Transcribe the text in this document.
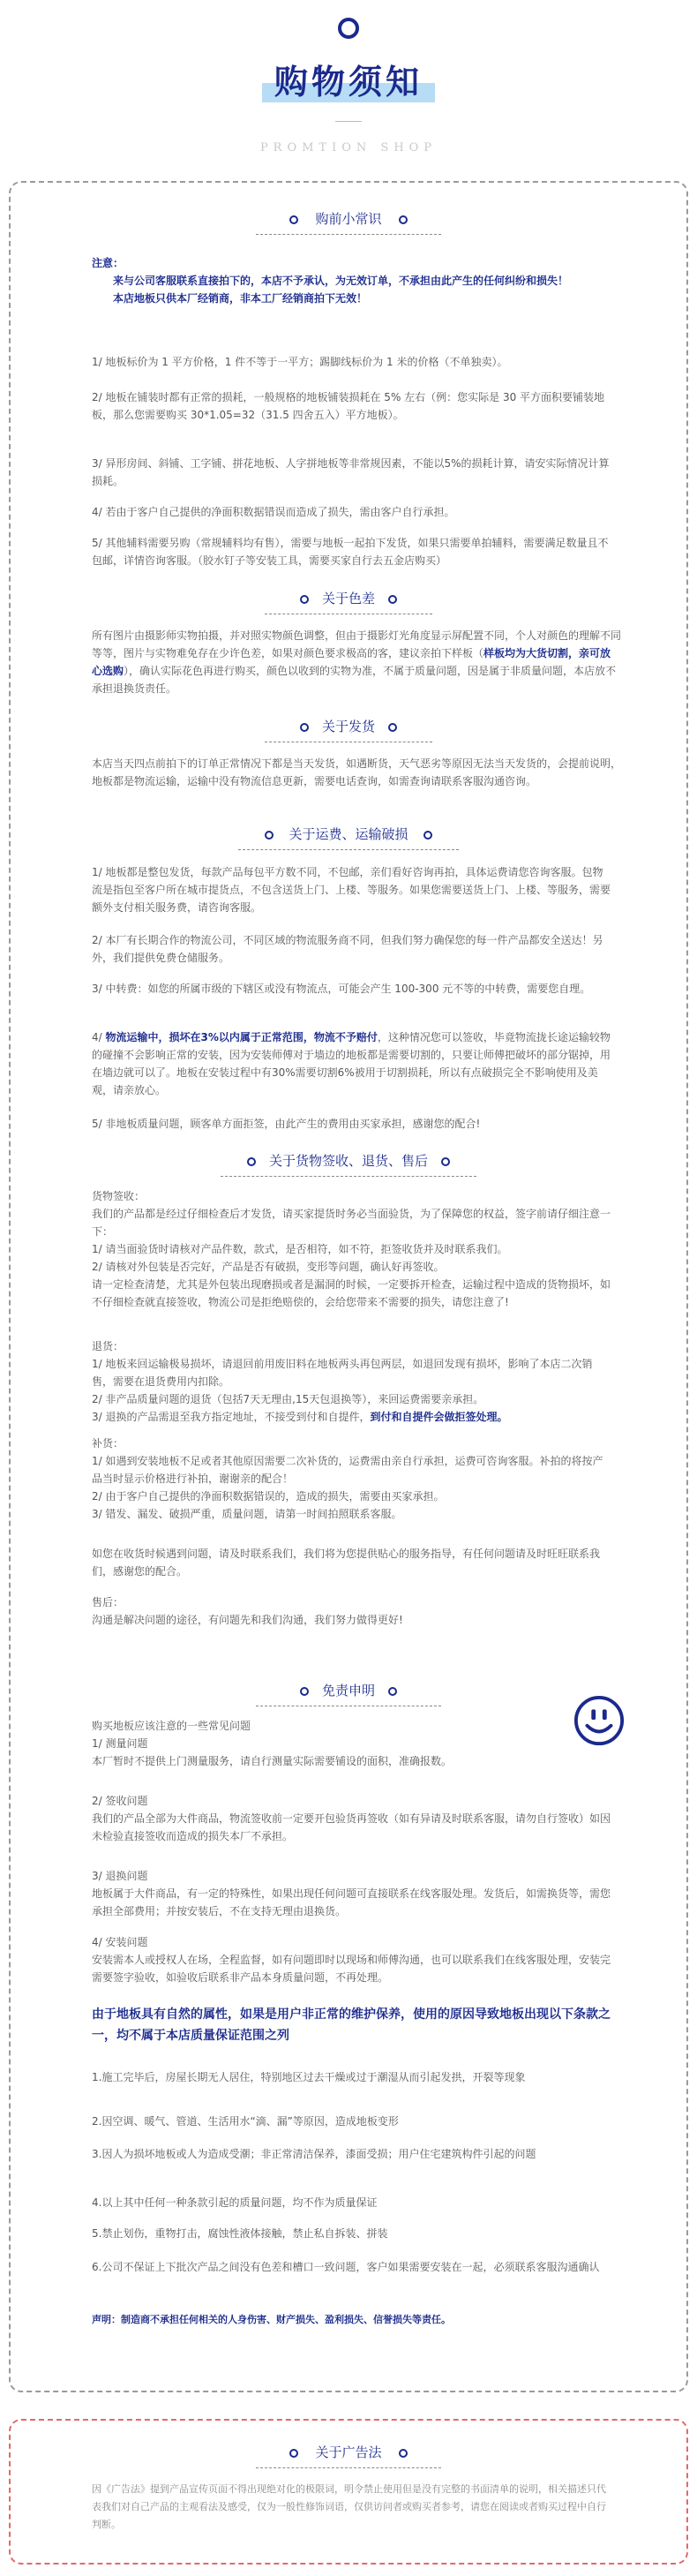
购物须知
PROMTION SHOP
购前小常识
注意：
来与公司客服联系直接拍下的，本店不予承认，为无效订单，不承担由此产生的任何纠纷和损失！
本店地板只供本厂经销商，非本工厂经销商拍下无效！

1/ 地板标价为 1 平方价格，1 件不等于一平方；踢脚线标价为 1 米的价格（不单独卖）。

2/ 地板在铺装时都有正常的损耗，一般规格的地板铺装损耗在 5% 左右（例：您实际是 30 平方面积要铺装地板，那么您需要购买 30*1.05=32（31.5 四舍五入）平方地板）。

3/ 异形房间、斜铺、工字铺、拼花地板、人字拼地板等非常规因素，不能以5%的损耗计算，请安实际情况计算损耗。

4/ 若由于客户自己提供的净面积数据错误而造成了损失，需由客户自行承担。

5/ 其他辅料需要另购（常规辅料均有售），需要与地板一起拍下发货，如果只需要单拍辅料，需要满足数量且不包邮，详情咨询客服。（胶水钉子等安装工具，需要买家自行去五金店购买）

关于色差

所有图片由摄影师实物拍摄，并对照实物颜色调整，但由于摄影灯光角度显示屏配置不同，个人对颜色的理解不同等等，图片与实物难免存在少许色差，如果对颜色要求极高的客，建议亲拍下样板（样板均为大货切割，亲可放心选购），确认实际花色再进行购买，颜色以收到的实物为准，不属于质量问题，因是属于非质量问题，本店放不承担退换货责任。

关于发货

本店当天四点前拍下的订单正常情况下都是当天发货，如遇断货，天气恶劣等原因无法当天发货的，会提前说明，地板都是物流运输，运输中没有物流信息更新，需要电话查询，如需查询请联系客服沟通咨询。

关于运费、运输破损

1/ 地板都是整包发货，每款产品每包平方数不同，不包邮，亲们看好咨询再拍，具体运费请您咨询客服。包物流是指包至客户所在城市提货点，不包含送货上门、上楼、等服务。如果您需要送货上门、上楼、等服务，需要额外支付相关服务费，请咨询客服。

2/ 本厂有长期合作的物流公司，不同区域的物流服务商不同，但我们努力确保您的每一件产品都安全送达！另外，我们提供免费仓储服务。

3/ 中转费：如您的所属市级的下辖区或没有物流点，可能会产生 100-300 元不等的中转费，需要您自理。

4/ 物流运输中，损坏在3%以内属于正常范围，物流不予赔付，这种情况您可以签收，毕竟物流拢长途运输较物的碰撞不会影响正常的安装，因为安装师傅对于墙边的地板都是需要切割的，只要让师傅把破坏的部分锯掉，用在墙边就可以了。地板在安装过程中有30%需要切割6%被用于切割损耗，所以有点破损完全不影响使用及美观，请亲放心。

5/ 非地板质量问题，顾客单方面拒签，由此产生的费用由买家承担，感谢您的配合!

关于货物签收、退货、售后
货物签收：
我们的产品都是经过仔细检查后才发货，请买家提货时务必当面验货，为了保障您的权益，签字前请仔细注意一下：
1/ 请当面验货时请核对产品件数，款式，是否相符，如不符，拒签收货并及时联系我们。
2/ 请核对外包装是否完好，产品是否有破损，变形等问题，确认好再签收。
请一定检查清楚，尤其是外包装出现磨损或者是漏洞的时候，一定要拆开检查，运输过程中造成的货物损坏，如不仔细检查就直接签收，物流公司是拒绝赔偿的，会给您带来不需要的损失，请您注意了!
退货：
1/ 地板来回运输极易损坏，请退回前用废旧料在地板两头再包两层，如退回发现有损坏，影响了本店二次销售，需要在退货费用内扣除。
2/ 非产品质量问题的退货（包括7天无理由,15天包退换等），来回运费需要亲承担。
3/ 退换的产品需退至我方指定地址，不接受到付和自提件，到付和自提件会做拒签处理。
补货：
1/ 如遇到安装地板不足或者其他原因需要二次补货的，运费需由亲自行承担，运费可咨询客服。补拍的将按产品当时显示价格进行补拍，谢谢亲的配合！
2/ 由于客户自己提供的净面积数据错误的，造成的损失，需要由买家承担。
3/ 错发、漏发、破损严重，质量问题，请第一时间拍照联系客服。

如您在收货时候遇到问题，请及时联系我们，我们将为您提供贴心的服务指导，有任何问题请及时旺旺联系我们，感谢您的配合。

售后：
沟通是解决问题的途径，有问题先和我们沟通，我们努力做得更好!
免责申明
购买地板应该注意的一些常见问题
1/ 测量问题
本厂暂时不提供上门测量服务，请自行测量实际需要铺设的面积，准确报数。
2/ 签收问题
我们的产品全部为大件商品，物流签收前一定要开包验货再签收（如有异请及时联系客服，请勿自行签收）如因未检验直接签收而造成的损失本厂不承担。
3/ 退换问题
地板属于大件商品，有一定的特殊性，如果出现任何问题可直接联系在线客服处理。发货后，如需换货等，需您承担全部费用；并按安装后，不在支持无理由退换货。
4/ 安装问题
安装需本人或授权人在场，全程监督，如有问题即时以现场和师傅沟通，也可以联系我们在线客服处理，安装完需要签字验收，如验收后联系非产品本身质量问题，不再处理。

由于地板具有自然的属性，如果是用户非正常的维护保养，使用的原因导致地板出现以下条款之一，均不属于本店质量保证范围之列

1.施工完毕后，房屋长期无人居住，特别地区过去干燥或过于潮湿从而引起发拱，开裂等现象

2.因空调、暖气、管道、生活用水“滴、漏”等原因，造成地板变形

3.因人为损坏地板或人为造成受潮；非正常清洁保养，漆面受损；用户住宅建筑构件引起的问题

4.以上其中任何一种条款引起的质量问题，均不作为质量保证

5.禁止划伤，重物打击，腐蚀性液体接触，禁止私自拆装、拼装

6.公司不保证上下批次产品之间没有色差和槽口一致问题，客户如果需要安装在一起，必须联系客服沟通确认

声明：制造商不承担任何相关的人身伤害、财产损失、盈利损失、信誉损失等责任。

关于广告法

因《广告法》提到产品宣传页面不得出现绝对化的极限词，明令禁止使用但是没有完整的书面清单的说明，相关描述只代表我们对自己产品的主观看法及感受，仅为一般性修饰词语，仅供访问者或购买者参考，请您在阅读或者购买过程中自行判断。
